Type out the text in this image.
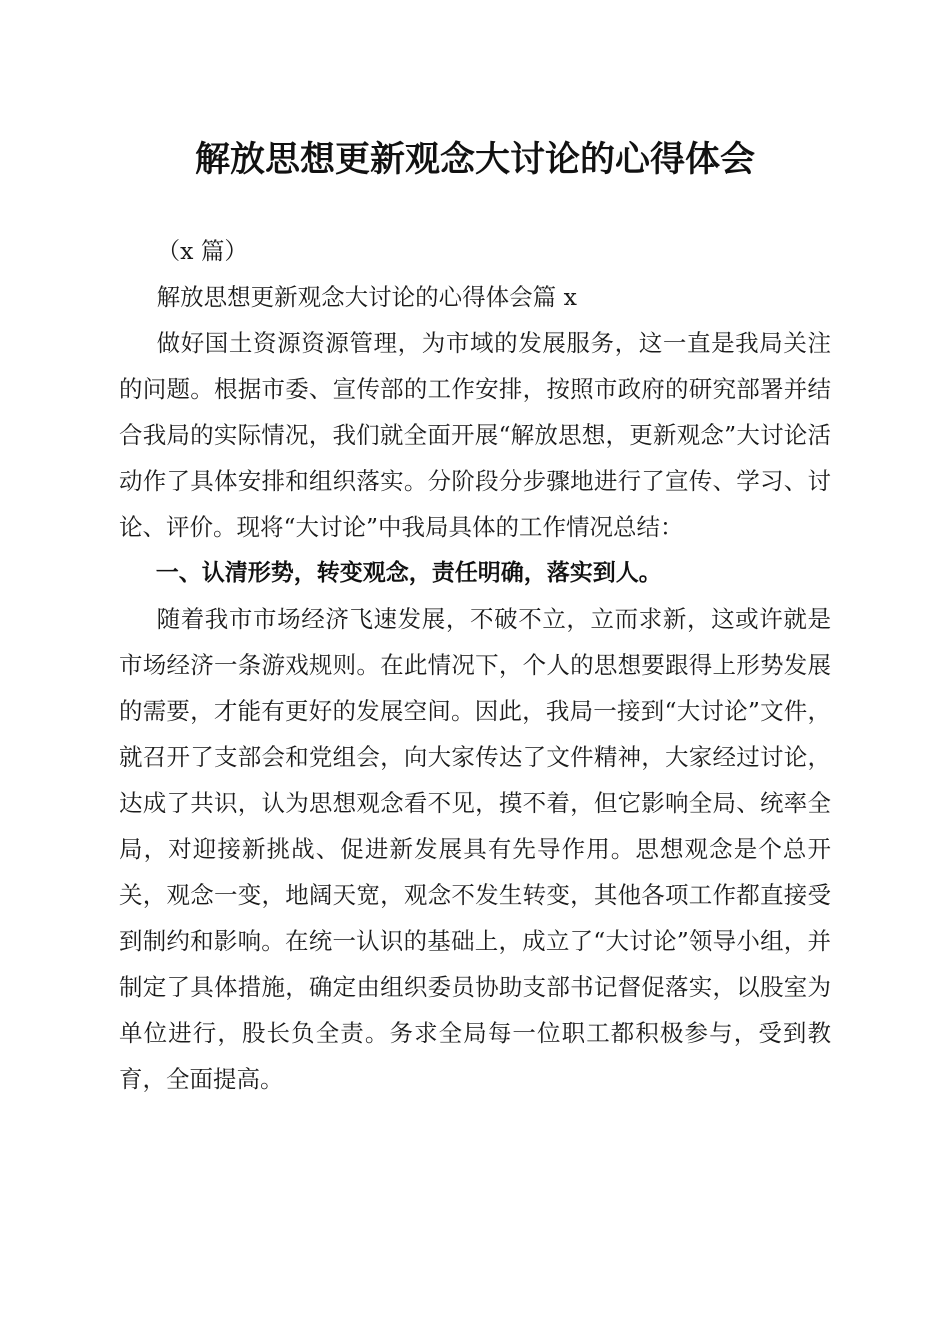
解放思想更新观念大讨论的心得体会

（x 篇）

解放思想更新观念大讨论的心得体会篇 x

做好国土资源资源管理，为市域的发展服务，这一直是我局关注的问题。根据市委、宣传部的工作安排，按照市政府的研究部署并结合我局的实际情况，我们就全面开展“解放思想，更新观念”大讨论活动作了具体安排和组织落实。分阶段分步骤地进行了宣传、学习、讨论、评价。现将“大讨论”中我局具体的工作情况总结：

一、认清形势，转变观念，责任明确，落实到人。

随着我市市场经济飞速发展，不破不立，立而求新，这或许就是市场经济一条游戏规则。在此情况下，个人的思想要跟得上形势发展的需要，才能有更好的发展空间。因此，我局一接到“大讨论”文件，就召开了支部会和党组会，向大家传达了文件精神，大家经过讨论，达成了共识，认为思想观念看不见，摸不着，但它影响全局、统率全局，对迎接新挑战、促进新发展具有先导作用。思想观念是个总开关，观念一变，地阔天宽，观念不发生转变，其他各项工作都直接受到制约和影响。在统一认识的基础上，成立了“大讨论”领导小组，并制定了具体措施，确定由组织委员协助支部书记督促落实，以股室为单位进行，股长负全责。务求全局每一位职工都积极参与，受到教育，全面提高。
